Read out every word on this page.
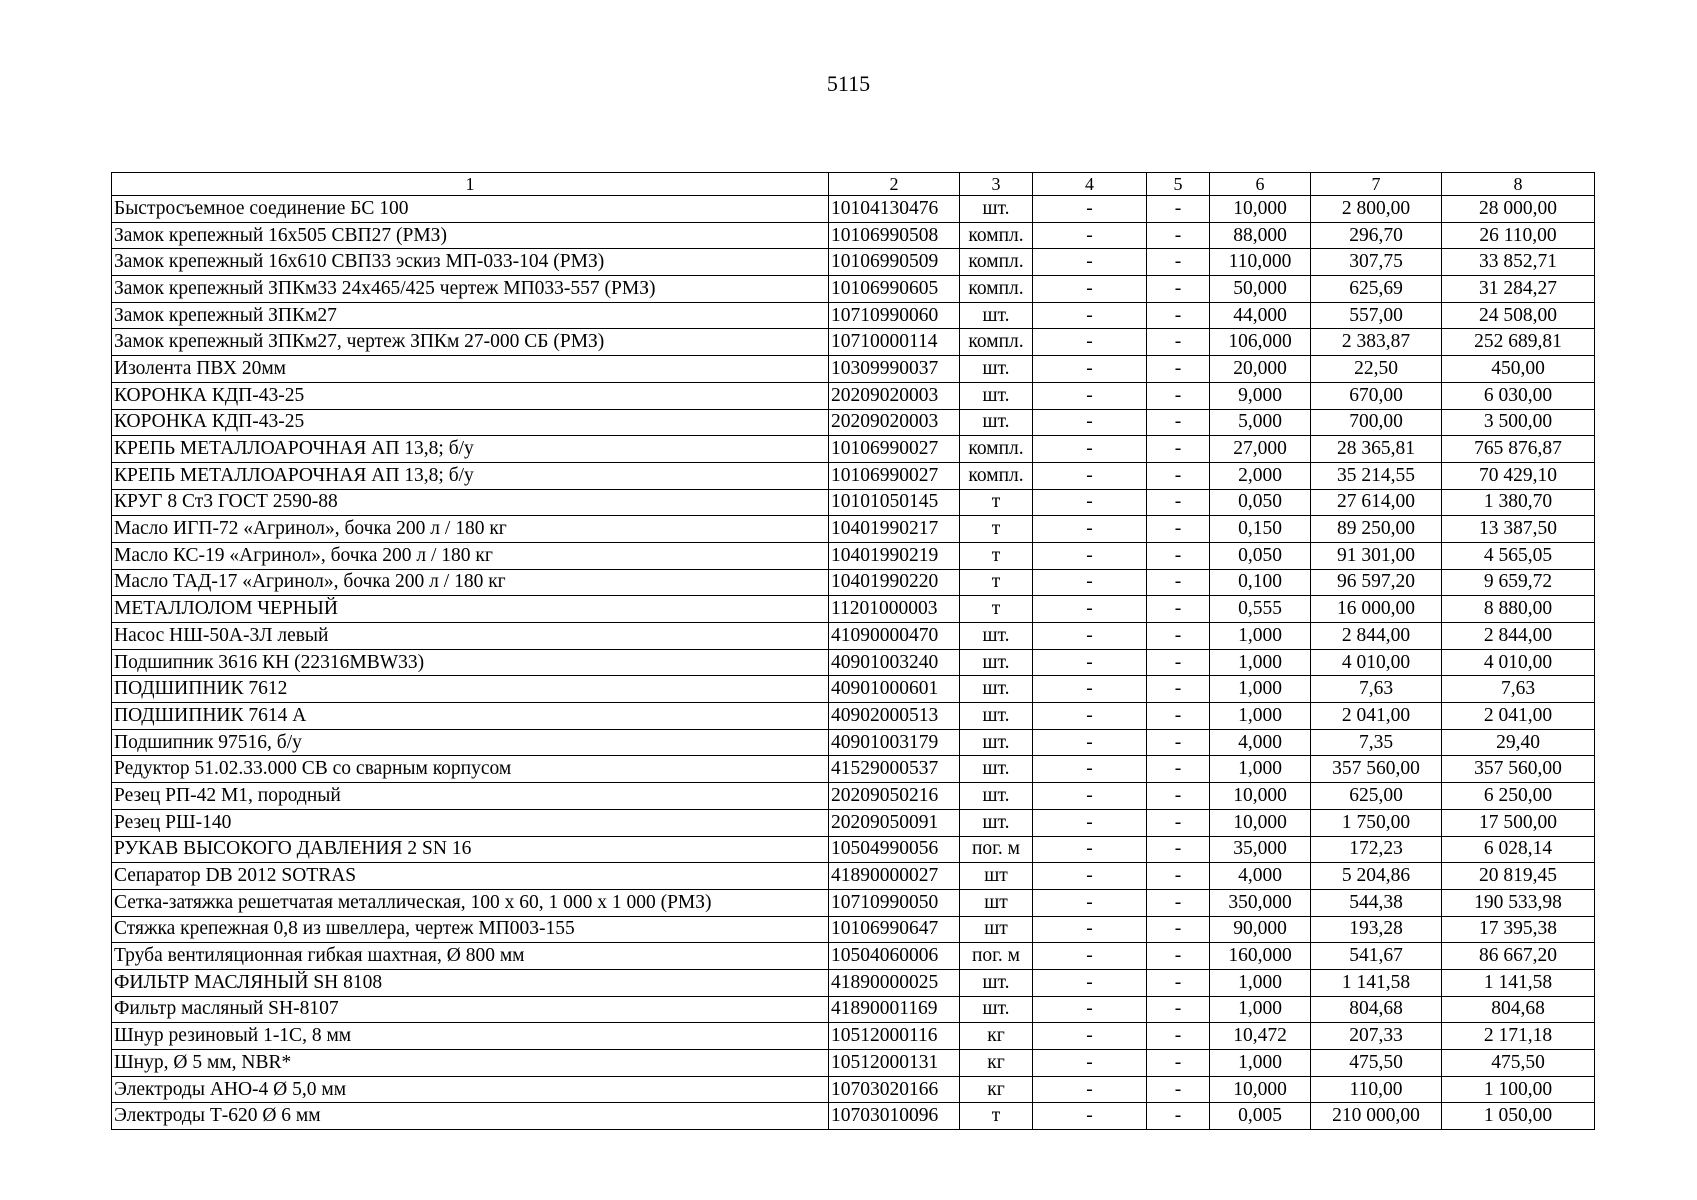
5115
1	2	3	4	5	6	7	8
Быстросъемное соединение БС 100	10104130476	шт.	-	-	10,000	2 800,00	28 000,00
Замок крепежный 16х505 СВП27 (РМЗ)	10106990508	компл.	-	-	88,000	296,70	26 110,00
Замок крепежный 16х610 СВП33 эскиз МП-033-104 (РМЗ)	10106990509	компл.	-	-	110,000	307,75	33 852,71
Замок крепежный ЗПКм33 24х465/425 чертеж МП033-557 (РМЗ)	10106990605	компл.	-	-	50,000	625,69	31 284,27
Замок крепежный ЗПКм27	10710990060	шт.	-	-	44,000	557,00	24 508,00
Замок крепежный ЗПКм27, чертеж ЗПКм 27-000 СБ (РМЗ)	10710000114	компл.	-	-	106,000	2 383,87	252 689,81
Изолента ПВХ 20мм	10309990037	шт.	-	-	20,000	22,50	450,00
КОРОНКА КДП-43-25	20209020003	шт.	-	-	9,000	670,00	6 030,00
КОРОНКА КДП-43-25	20209020003	шт.	-	-	5,000	700,00	3 500,00
КРЕПЬ МЕТАЛЛОАРОЧНАЯ АП 13,8; б/у	10106990027	компл.	-	-	27,000	28 365,81	765 876,87
КРЕПЬ МЕТАЛЛОАРОЧНАЯ АП 13,8; б/у	10106990027	компл.	-	-	2,000	35 214,55	70 429,10
КРУГ 8 Ст3 ГОСТ 2590-88	10101050145	т	-	-	0,050	27 614,00	1 380,70
Масло ИГП-72 «Агринол», бочка 200 л / 180 кг	10401990217	т	-	-	0,150	89 250,00	13 387,50
Масло КС-19 «Агринол», бочка 200 л / 180 кг	10401990219	т	-	-	0,050	91 301,00	4 565,05
Масло ТАД-17 «Агринол», бочка 200 л / 180 кг	10401990220	т	-	-	0,100	96 597,20	9 659,72
МЕТАЛЛОЛОМ ЧЕРНЫЙ	11201000003	т	-	-	0,555	16 000,00	8 880,00
Насос НШ-50А-3Л левый	41090000470	шт.	-	-	1,000	2 844,00	2 844,00
Подшипник 3616 КН (22316MBW33)	40901003240	шт.	-	-	1,000	4 010,00	4 010,00
ПОДШИПНИК 7612	40901000601	шт.	-	-	1,000	7,63	7,63
ПОДШИПНИК 7614 А	40902000513	шт.	-	-	1,000	2 041,00	2 041,00
Подшипник 97516, б/у	40901003179	шт.	-	-	4,000	7,35	29,40
Редуктор 51.02.33.000 СВ со сварным корпусом	41529000537	шт.	-	-	1,000	357 560,00	357 560,00
Резец РП-42 М1, породный	20209050216	шт.	-	-	10,000	625,00	6 250,00
Резец РШ-140	20209050091	шт.	-	-	10,000	1 750,00	17 500,00
РУКАВ ВЫСОКОГО ДАВЛЕНИЯ 2 SN 16	10504990056	пог. м	-	-	35,000	172,23	6 028,14
Сепаратор DB 2012 SOTRAS	41890000027	шт	-	-	4,000	5 204,86	20 819,45
Сетка-затяжка решетчатая металлическая, 100 х 60, 1 000 х 1 000 (РМЗ)	10710990050	шт	-	-	350,000	544,38	190 533,98
Стяжка крепежная 0,8 из швеллера, чертеж МП003-155	10106990647	шт	-	-	90,000	193,28	17 395,38
Труба вентиляционная гибкая шахтная, Ø 800 мм	10504060006	пог. м	-	-	160,000	541,67	86 667,20
ФИЛЬТР МАСЛЯНЫЙ SH 8108	41890000025	шт.	-	-	1,000	1 141,58	1 141,58
Фильтр масляный SH-8107	41890001169	шт.	-	-	1,000	804,68	804,68
Шнур резиновый 1-1С, 8 мм	10512000116	кг	-	-	10,472	207,33	2 171,18
Шнур, Ø 5 мм, NBR*	10512000131	кг	-	-	1,000	475,50	475,50
Электроды АНО-4 Ø 5,0 мм	10703020166	кг	-	-	10,000	110,00	1 100,00
Электроды Т-620 Ø 6 мм	10703010096	т	-	-	0,005	210 000,00	1 050,00
